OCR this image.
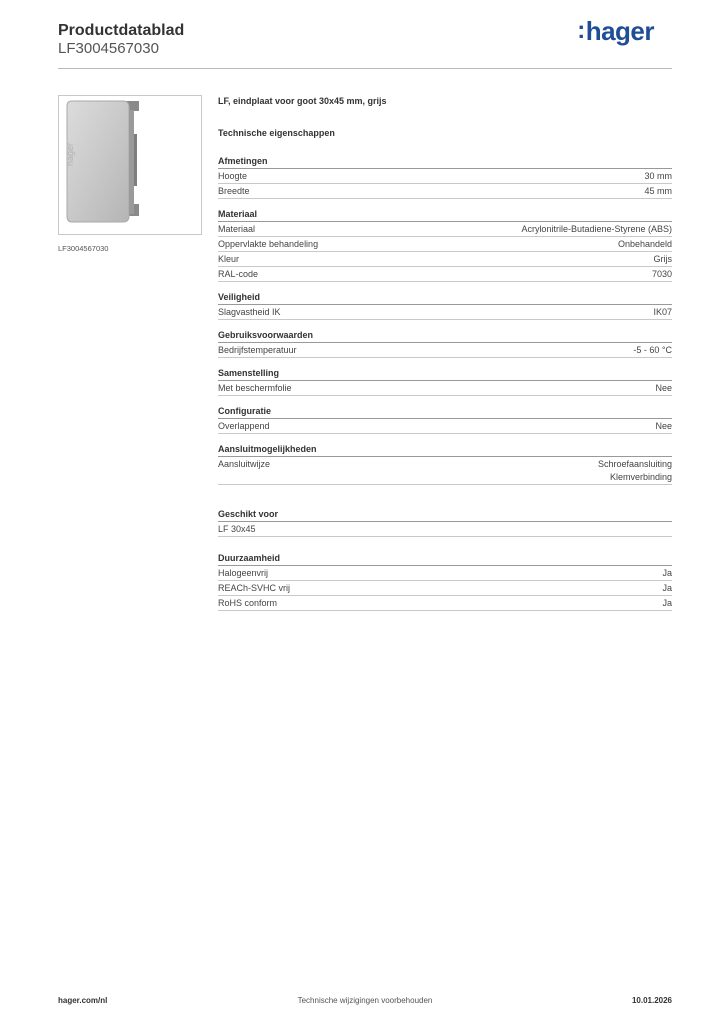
Productdatablad
LF3004567030
:hager
hager
LF3004567030
LF, eindplaat voor goot 30x45 mm, grijs
Technische eigenschappen
Afmetingen
Hoogte	30 mm
Breedte	45 mm
Materiaal
Materiaal	Acrylonitrile-Butadiene-Styrene (ABS)
Oppervlakte behandeling	Onbehandeld
Kleur	Grijs
RAL-code	7030
Veiligheid
Slagvastheid IK	IK07
Gebruiksvoorwaarden
Bedrijfstemperatuur	-5 - 60 °C
Samenstelling
Met beschermfolie	Nee
Configuratie
Overlappend	Nee
Aansluitmogelijkheden
Aansluitwijze	Schroefaansluiting
Klemverbinding
Geschikt voor
LF 30x45
Duurzaamheid
Halogeenvrij	Ja
REACh-SVHC vrij	Ja
RoHS conform	Ja
hager.com/nl	Technische wijzigingen voorbehouden	10.01.2026
